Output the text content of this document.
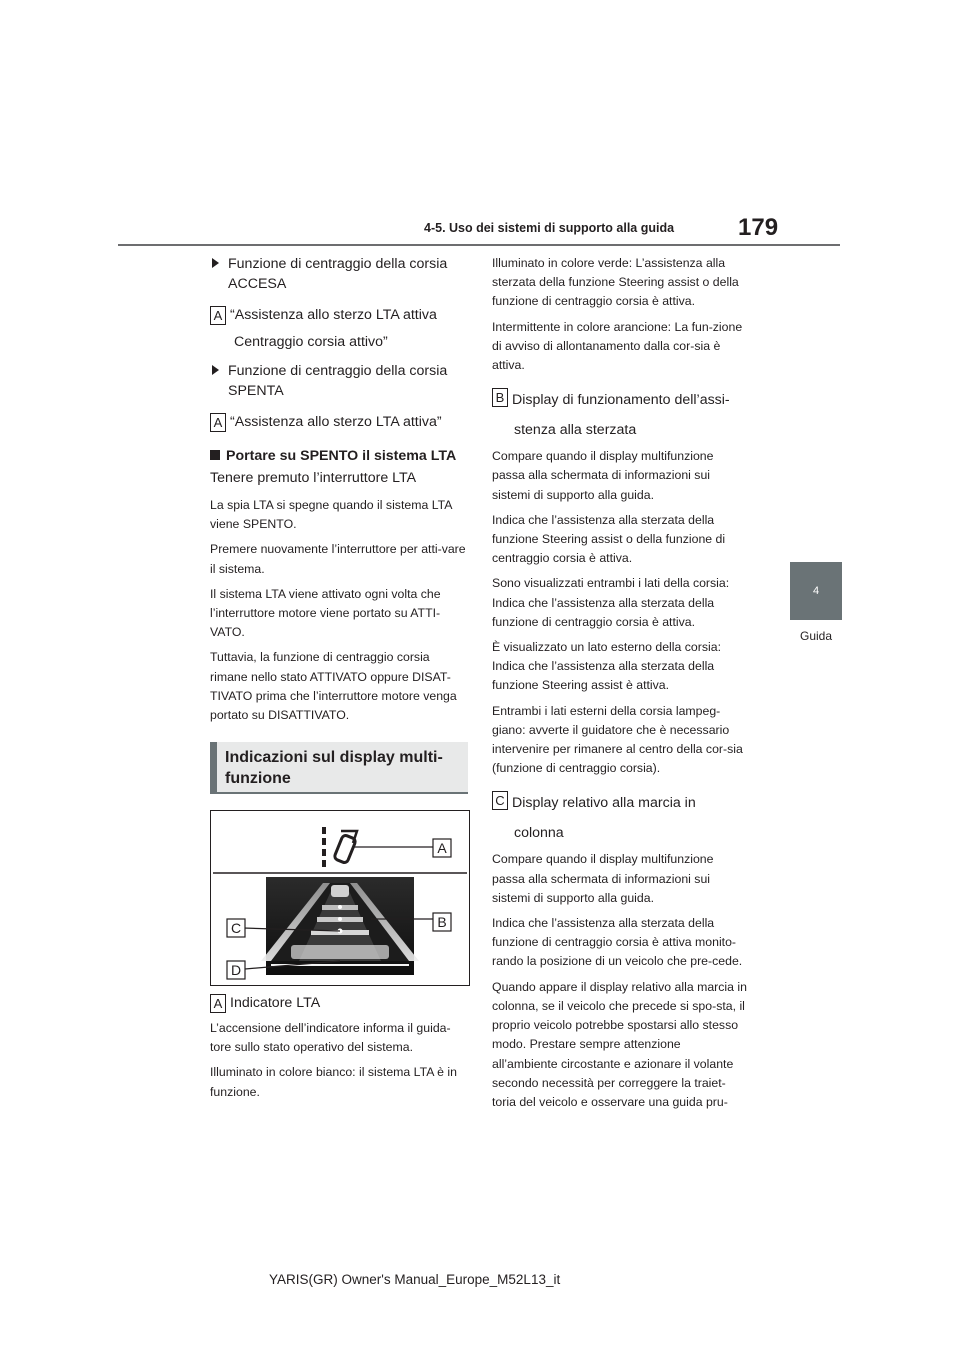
179
4-5. Uso dei sistemi di supporto alla guida
4
Guida
Funzione di centraggio della corsia ACCESA
A “Assistenza allo sterzo LTA attiva
Centraggio corsia attivo”
Funzione di centraggio della corsia SPENTA
A “Assistenza allo sterzo LTA attiva”
Portare su SPENTO il sistema LTA
Tenere premuto l’interruttore LTA

La spia LTA si spegne quando il sistema LTA viene SPENTO.

Premere nuovamente l’interruttore per atti-vare il sistema.

Il sistema LTA viene attivato ogni volta che l’interruttore motore viene portato su ATTI-VATO.

Tuttavia, la funzione di centraggio corsia rimane nello stato ATTIVATO oppure DISAT-TIVATO prima che l’interruttore motore venga portato su DISATTIVATO.

Indicazioni sul display multi-funzione
A
B
C
D
A Indicatore LTA

L’accensione dell’indicatore informa il guida-tore sullo stato operativo del sistema.

Illuminato in colore bianco: il sistema LTA è in funzione.

Illuminato in colore verde: L’assistenza alla sterzata della funzione Steering assist o della funzione di centraggio corsia è attiva.

Intermittente in colore arancione: La fun-zione di avviso di allontanamento dalla cor-sia è attiva.

B Display di funzionamento dell’assi-
stenza alla sterzata

Compare quando il display multifunzione passa alla schermata di informazioni sui sistemi di supporto alla guida.

Indica che l’assistenza alla sterzata della funzione Steering assist o della funzione di centraggio corsia è attiva.

Sono visualizzati entrambi i lati della corsia: Indica che l’assistenza alla sterzata della funzione di centraggio corsia è attiva.

È visualizzato un lato esterno della corsia: Indica che l’assistenza alla sterzata della funzione Steering assist è attiva.

Entrambi i lati esterni della corsia lampeg-giano: avverte il guidatore che è necessario intervenire per rimanere al centro della cor-sia (funzione di centraggio corsia).

C Display relativo alla marcia in
colonna

Compare quando il display multifunzione passa alla schermata di informazioni sui sistemi di supporto alla guida.

Indica che l’assistenza alla sterzata della funzione di centraggio corsia è attiva monito-rando la posizione di un veicolo che pre-cede.

Quando appare il display relativo alla marcia in colonna, se il veicolo che precede si spo-sta, il proprio veicolo potrebbe spostarsi allo stesso modo. Prestare sempre attenzione all’ambiente circostante e azionare il volante secondo necessità per correggere la traiet-toria del veicolo e osservare una guida pru-

YARIS(GR) Owner's Manual_Europe_M52L13_it
